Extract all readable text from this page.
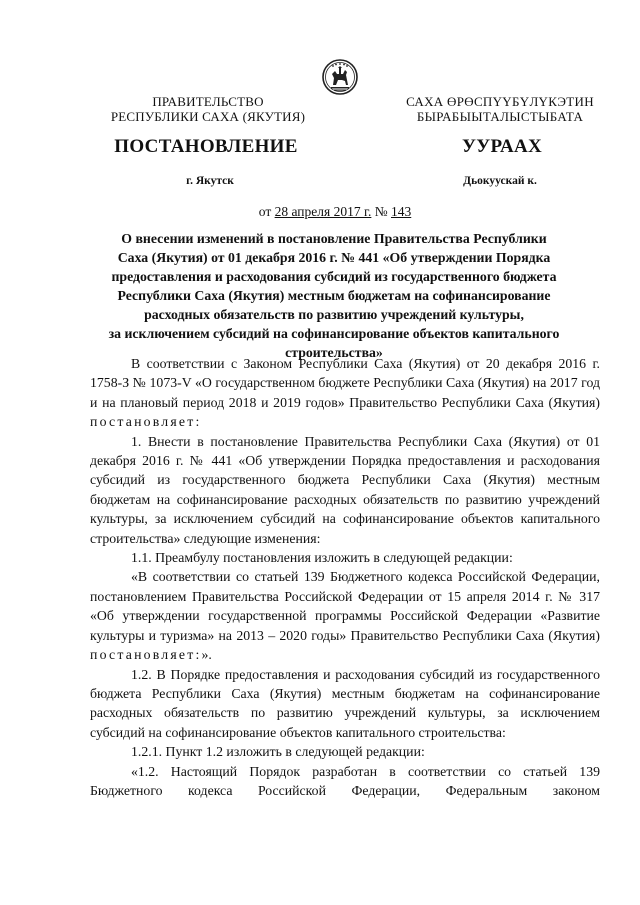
ПРАВИТЕЛЬСТВО
РЕСПУБЛИКИ САХА (ЯКУТИЯ)
САХА ӨРӨСПҮҮБҮЛҮКЭТИН
БЫРАБЫЫТАЛЫСТЫБАТА
ПОСТАНОВЛЕНИЕ	УУРААХ
г. Якутск	Дьокуускай к.
от 28 апреля 2017 г. № 143
О внесении изменений в постановление Правительства Республики
Саха (Якутия) от 01 декабря 2016 г. № 441 «Об утверждении Порядка
предоставления и расходования субсидий из государственного бюджета
Республики Саха (Якутия) местным бюджетам на софинансирование
расходных обязательств по развитию учреждений культуры,
за исключением субсидий на софинансирование объектов капитального
строительства»

В соответствии с Законом Республики Саха (Якутия) от 20 декабря 2016 г. 1758-З № 1073-V «О государственном бюджете Республики Саха (Якутия) на 2017 год и на плановый период 2018 и 2019 годов» Правительство Республики Саха (Якутия) постановляет:

1. Внести в постановление Правительства Республики Саха (Якутия) от 01 декабря 2016 г. № 441 «Об утверждении Порядка предоставления и расходования субсидий из государственного бюджета Республики Саха (Якутия) местным бюджетам на софинансирование расходных обязательств по развитию учреждений культуры, за исключением субсидий на софинансирование объектов капитального строительства» следующие изменения:

1.1. Преамбулу постановления изложить в следующей редакции:

«В соответствии со статьей 139 Бюджетного кодекса Российской Федерации, постановлением Правительства Российской Федерации от 15 апреля 2014 г. № 317 «Об утверждении государственной программы Российской Федерации «Развитие культуры и туризма» на 2013 – 2020 годы» Правительство Республики Саха (Якутия) постановляет:».

1.2. В Порядке предоставления и расходования субсидий из государственного бюджета Республики Саха (Якутия) местным бюджетам на софинансирование расходных обязательств по развитию учреждений культуры, за исключением субсидий на софинансирование объектов капитального строительства:

1.2.1. Пункт 1.2 изложить в следующей редакции:

«1.2. Настоящий Порядок разработан в соответствии со статьей 139 Бюджетного кодекса Российской Федерации, Федеральным законом
